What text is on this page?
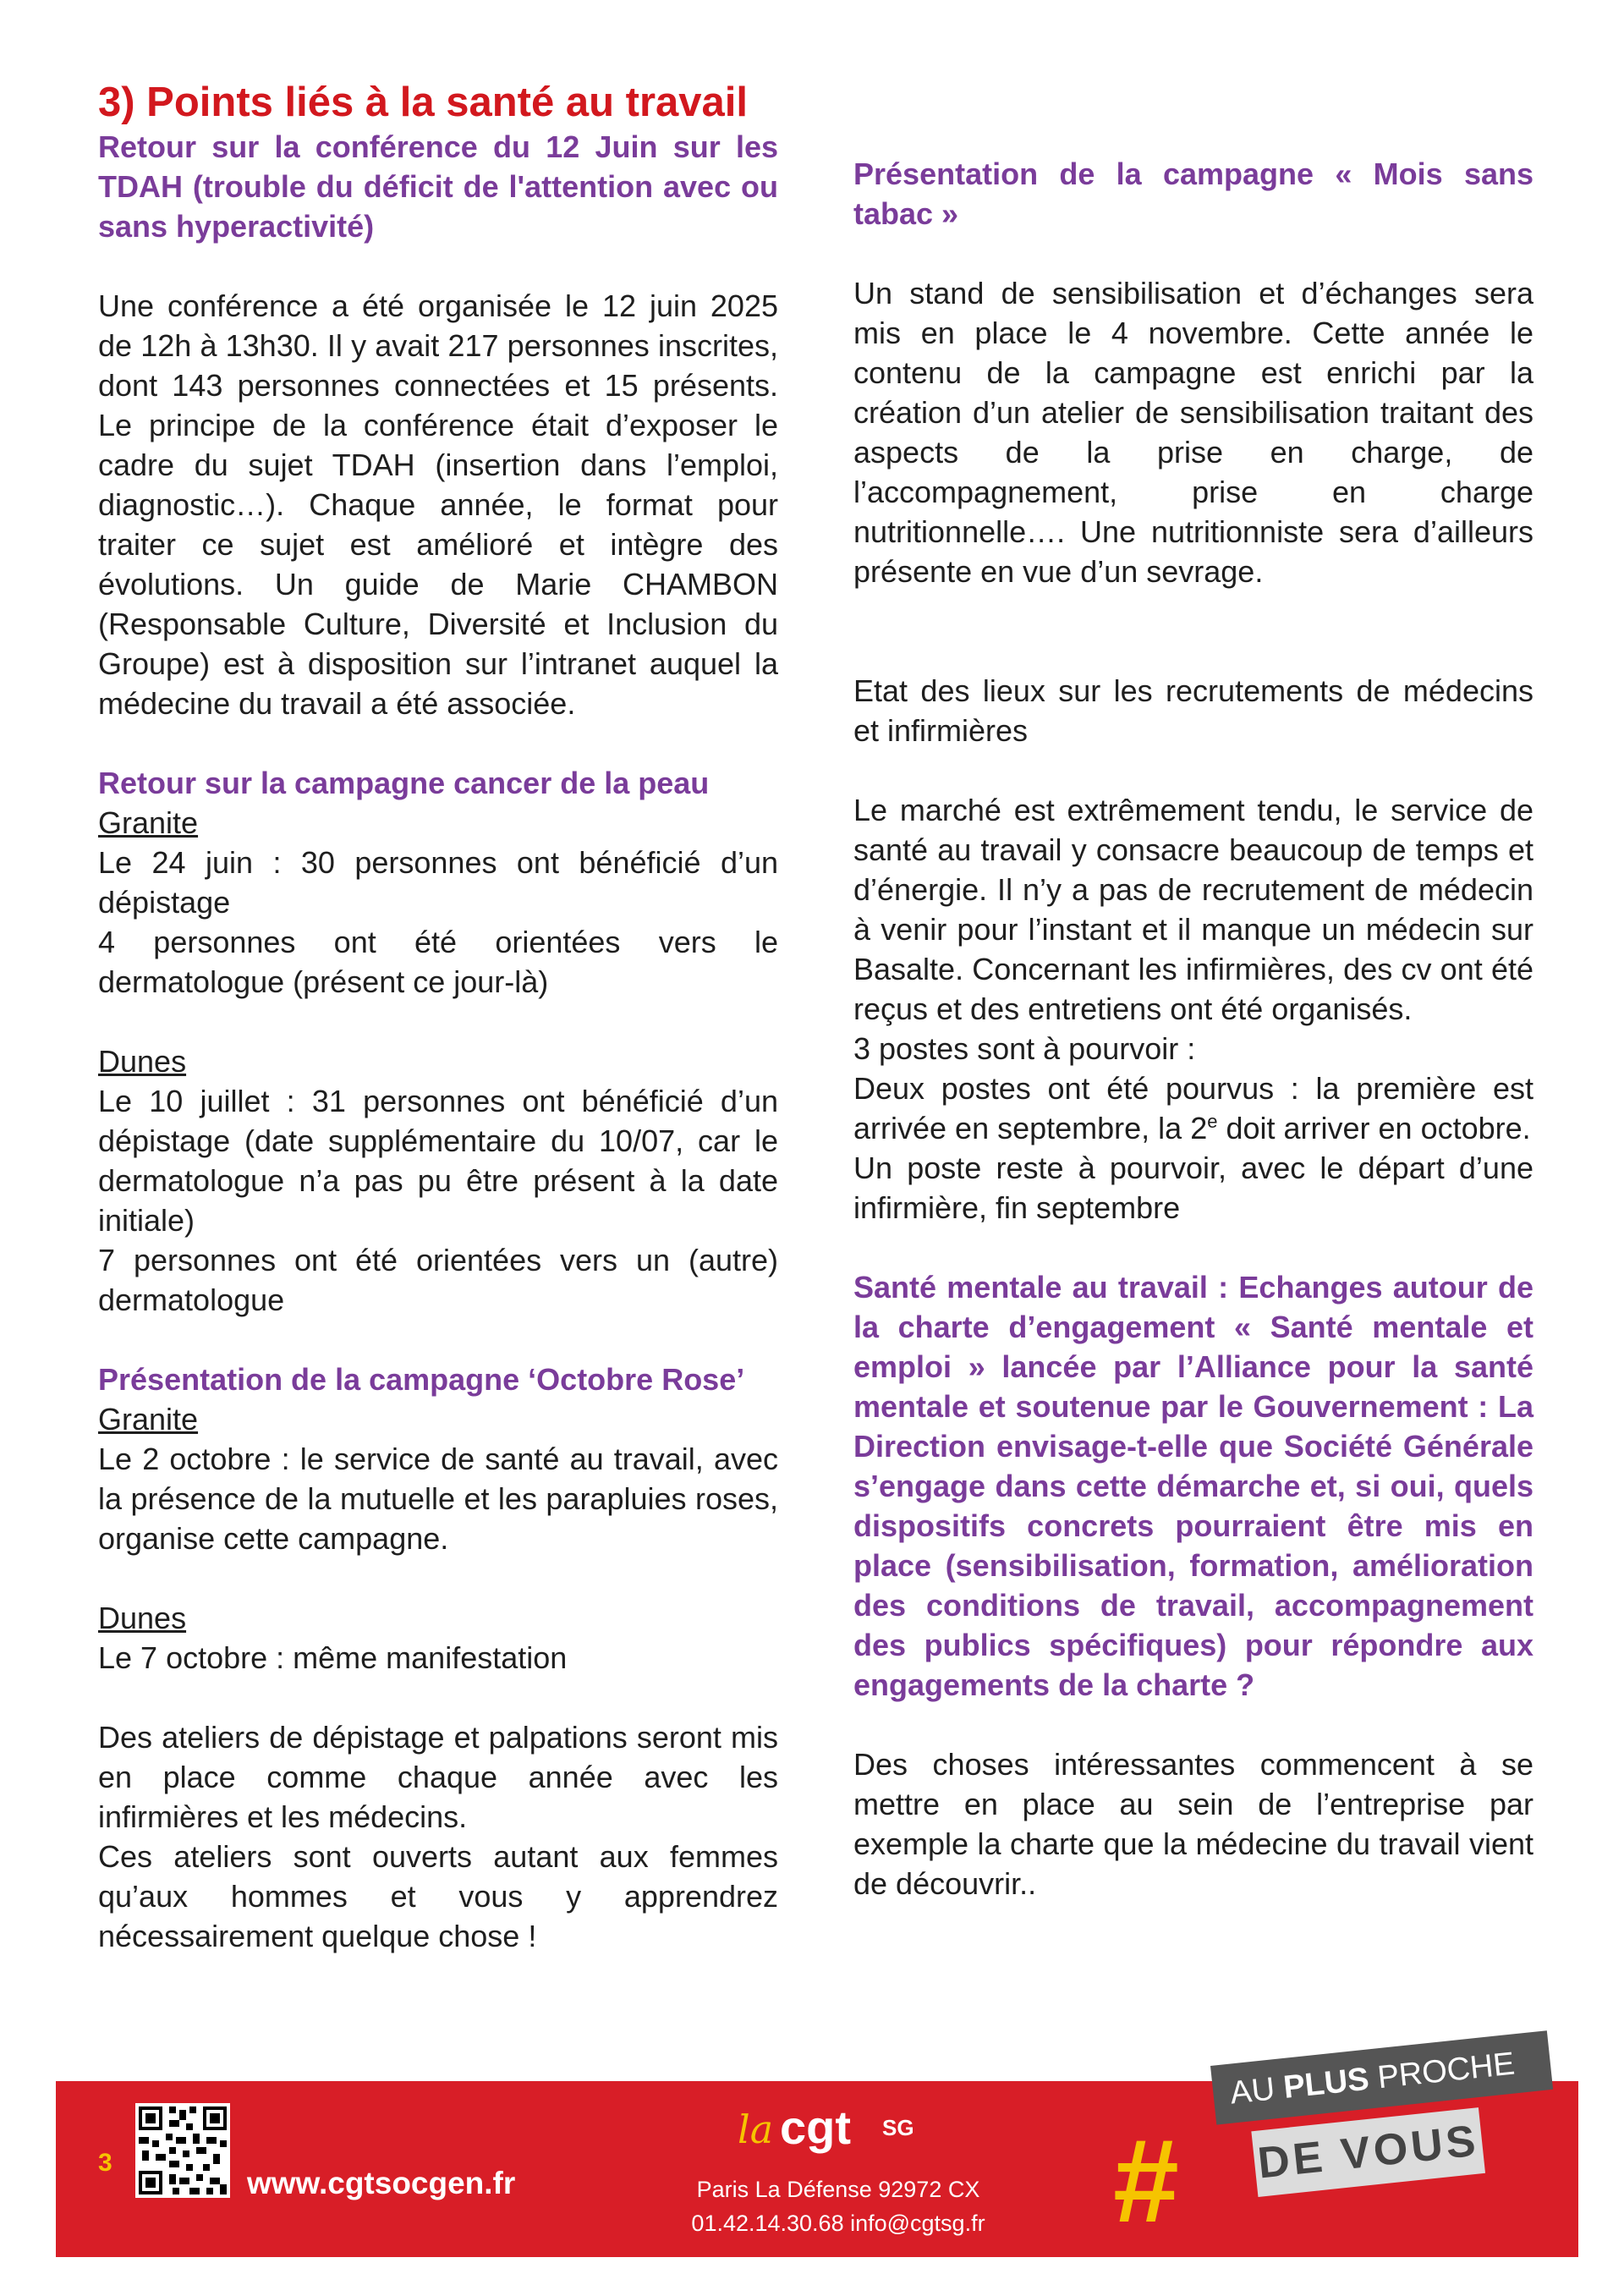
3) Points liés à la santé au travail

Retour sur la conférence du 12 Juin sur les TDAH (trouble du déficit de l'attention avec ou sans hyperactivité)

Une conférence a été organisée le 12 juin 2025 de 12h à 13h30. Il y avait 217 personnes inscrites, dont 143 personnes connectées et 15 présents. Le principe de la conférence était d’exposer le cadre du sujet TDAH (insertion dans l’emploi, diagnostic…). Chaque année, le format pour traiter ce sujet est amélioré et intègre des évolutions. Un guide de Marie CHAMBON (Responsable Culture, Diversité et Inclusion du Groupe) est à disposition sur l’intranet auquel la médecine du travail a été associée.

Retour sur la campagne cancer de la peau

Granite

Le 24 juin : 30 personnes ont bénéficié d’un dépistage

4 personnes ont été orientées vers le dermatologue (présent ce jour-là)

Dunes

Le 10 juillet : 31 personnes ont bénéficié d’un dépistage (date supplémentaire du 10/07, car le dermatologue n’a pas pu être présent à la date initiale)

7 personnes ont été orientées vers un (autre) dermatologue

Présentation de la campagne ‘Octobre Rose’

Granite

Le 2 octobre : le service de santé au travail, avec la présence de la mutuelle et les parapluies roses, organise cette campagne.

Dunes

Le 7 octobre : même manifestation

Des ateliers de dépistage et palpations seront mis en place comme chaque année avec les infirmières et les médecins.

Ces ateliers sont ouverts autant aux femmes qu’aux hommes et vous y apprendrez nécessairement quelque chose !

Présentation de la campagne « Mois sans tabac »

Un stand de sensibilisation et d’échanges sera mis en place le 4 novembre. Cette année le contenu de la campagne est enrichi par la création d’un atelier de sensibilisation traitant des aspects de la prise en charge, de l’accompagnement, prise en charge nutritionnelle…. Une nutritionniste sera d’ailleurs présente en vue d’un sevrage.

Etat des lieux sur les recrutements de médecins et infirmières

Le marché est extrêmement tendu, le service de santé au travail y consacre beaucoup de temps et d’énergie. Il n’y a pas de recrutement de médecin à venir pour l’instant et il manque un médecin sur Basalte. Concernant les infirmières, des cv ont été reçus et des entretiens ont été organisés.

3 postes sont à pourvoir :

Deux postes ont été pourvus : la première est arrivée en septembre, la 2e doit arriver en octobre.

Un poste reste à pourvoir, avec le départ d’une infirmière, fin septembre

Santé mentale au travail : Echanges autour de la charte d’engagement « Santé mentale et emploi » lancée par l’Alliance pour la santé mentale et soutenue par le Gouvernement : La Direction envisage-t-elle que Société Générale s’engage dans cette démarche et, si oui, quels dispositifs concrets pourraient être mis en place (sensibilisation, formation, amélioration des conditions de travail, accompagnement des publics spécifiques) pour répondre aux engagements de la charte ?

Des choses intéressantes commencent à se mettre en place au sein de l’entreprise par exemple la charte que la médecine du travail vient de découvrir..

3
www.cgtsocgen.fr
la cgt SG
Paris La Défense 92972 CX
01.42.14.30.68 info@cgtsg.fr #
AU PLUS PROCHE
DE VOUS
